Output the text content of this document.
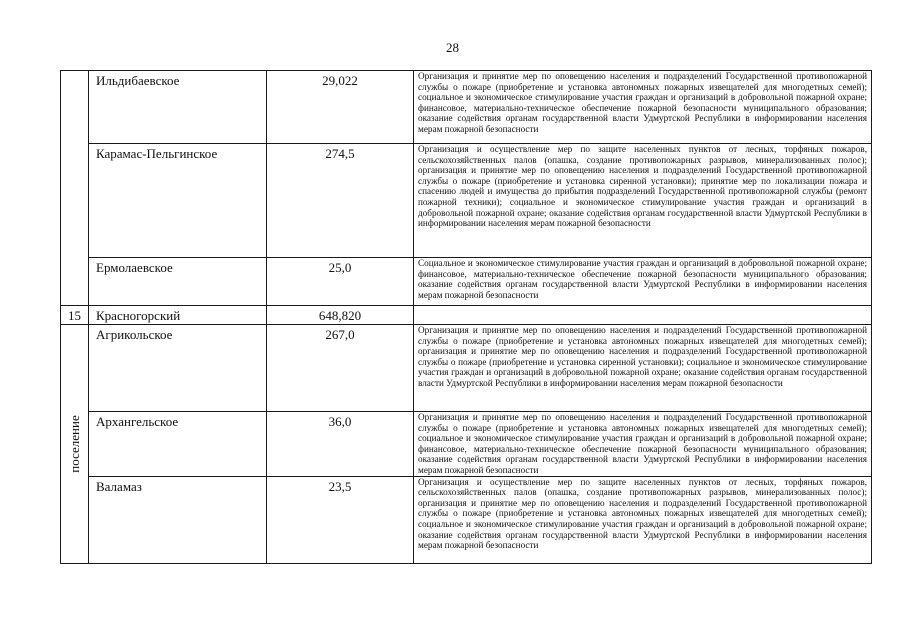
28

	Ильдибаевское	29,022	Организация и принятие мер по оповещению населения и подразделений Государственной противопожарной службы о пожаре (приобретение и установка автономных пожарных извещателей для многодетных семей); социальное и экономическое стимулирование участия граждан и организаций в добровольной пожарной охране; финансовое, материально-техническое обеспечение пожарной безопасности муниципального образования; оказание содействия органам государственной власти Удмуртской Республики в информировании населения мерам пожарной безопасности

	Карамас-Пельгинское	274,5	Организация и осуществление мер по защите населенных пунктов от лесных, торфяных пожаров, сельскохозяйственных палов (опашка, создание противопожарных разрывов, минерализованных полос); организация и принятие мер по оповещению населения и подразделений Государственной противопожарной службы о пожаре (приобретение и установка сиренной установки); принятие мер по локализации пожара и спасению людей и имущества до прибытия подразделений Государственной противопожарной службы (ремонт пожарной техники); социальное и экономическое стимулирование участия граждан и организаций в добровольной пожарной охране; оказание содействия органам государственной власти Удмуртской Республики в информировании населения мерам пожарной безопасности

	Ермолаевское	25,0	Социальное и экономическое стимулирование участия граждан и организаций в добровольной пожарной охране; финансовое, материально-техническое обеспечение пожарной безопасности муниципального образования; оказание содействия органам государственной власти Удмуртской Республики в информировании населения мерам пожарной безопасности

15	Красногорский	648,820	

поселение	Агрикольское	267,0	Организация и принятие мер по оповещению населения и подразделений Государственной противопожарной службы о пожаре (приобретение и установка автономных пожарных извещателей для многодетных семей); организация и принятие мер по оповещению населения и подразделений Государственной противопожарной службы о пожаре (приобретение и установка сиренной установки); социальное и экономическое стимулирование участия граждан и организаций в добровольной пожарной охране; оказание содействия органам государственной власти Удмуртской Республики в информировании населения мерам пожарной безопасности

	Архангельское	36,0	Организация и принятие мер по оповещению населения и подразделений Государственной противопожарной службы о пожаре (приобретение и установка автономных пожарных извещателей для многодетных семей); социальное и экономическое стимулирование участия граждан и организаций в добровольной пожарной охране; финансовое, материально-техническое обеспечение пожарной безопасности муниципального образования; оказание содействия органам государственной власти Удмуртской Республики в информировании населения мерам пожарной безопасности

	Валамаз	23,5	Организация и осуществление мер по защите населенных пунктов от лесных, торфяных пожаров, сельскохозяйственных палов (опашка, создание противопожарных разрывов, минерализованных полос); организация и принятие мер по оповещению населения и подразделений Государственной противопожарной службы о пожаре (приобретение и установка автономных пожарных извещателей для многодетных семей); социальное и экономическое стимулирование участия граждан и организаций в добровольной пожарной охране; оказание содействия органам государственной власти Удмуртской Республики в информировании населения мерам пожарной безопасности
